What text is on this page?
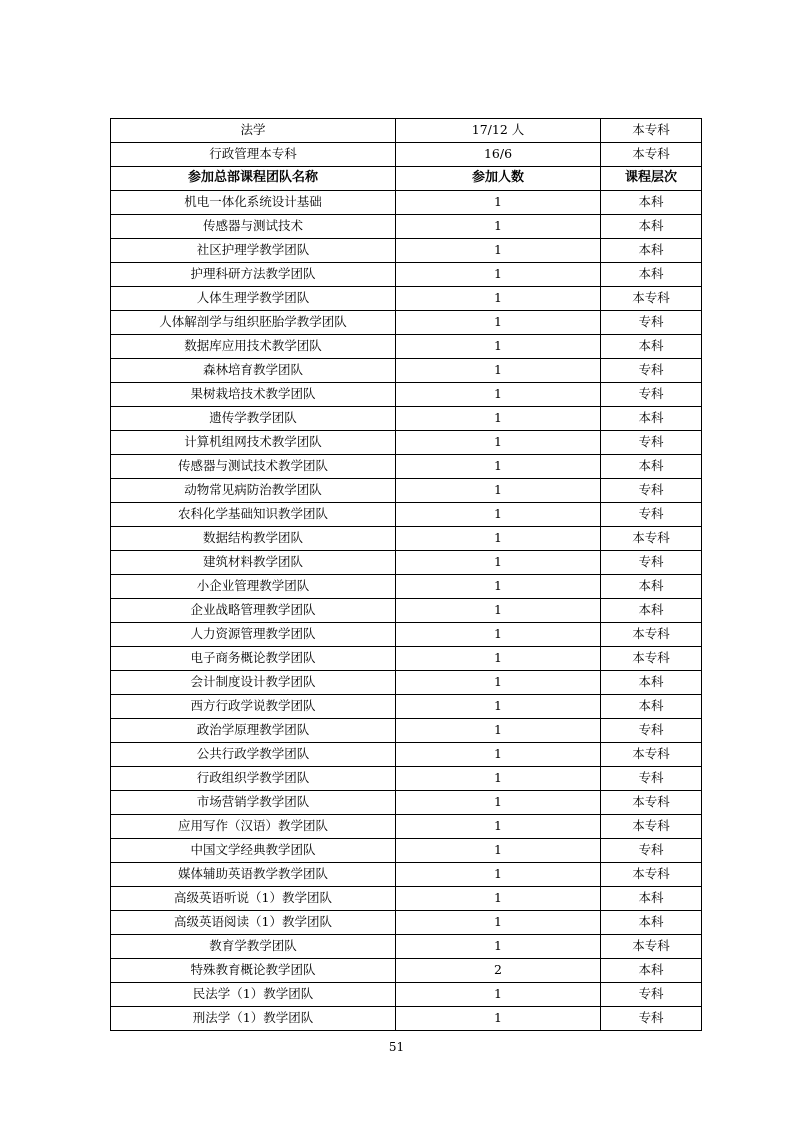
法学	17/12 人	本专科
行政管理本专科	16/6	本专科
参加总部课程团队名称	参加人数	课程层次
机电一体化系统设计基础	1	本科
传感器与测试技术	1	本科
社区护理学教学团队	1	本科
护理科研方法教学团队	1	本科
人体生理学教学团队	1	本专科
人体解剖学与组织胚胎学教学团队	1	专科
数据库应用技术教学团队	1	本科
森林培育教学团队	1	专科
果树栽培技术教学团队	1	专科
遗传学教学团队	1	本科
计算机组网技术教学团队	1	专科
传感器与测试技术教学团队	1	本科
动物常见病防治教学团队	1	专科
农科化学基础知识教学团队	1	专科
数据结构教学团队	1	本专科
建筑材料教学团队	1	专科
小企业管理教学团队	1	本科
企业战略管理教学团队	1	本科
人力资源管理教学团队	1	本专科
电子商务概论教学团队	1	本专科
会计制度设计教学团队	1	本科
西方行政学说教学团队	1	本科
政治学原理教学团队	1	专科
公共行政学教学团队	1	本专科
行政组织学教学团队	1	专科
市场营销学教学团队	1	本专科
应用写作（汉语）教学团队	1	本专科
中国文学经典教学团队	1	专科
媒体辅助英语教学教学团队	1	本专科
高级英语听说（1）教学团队	1	本科
高级英语阅读（1）教学团队	1	本科
教育学教学团队	1	本专科
特殊教育概论教学团队	2	本科
民法学（1）教学团队	1	专科
刑法学（1）教学团队	1	专科
51
